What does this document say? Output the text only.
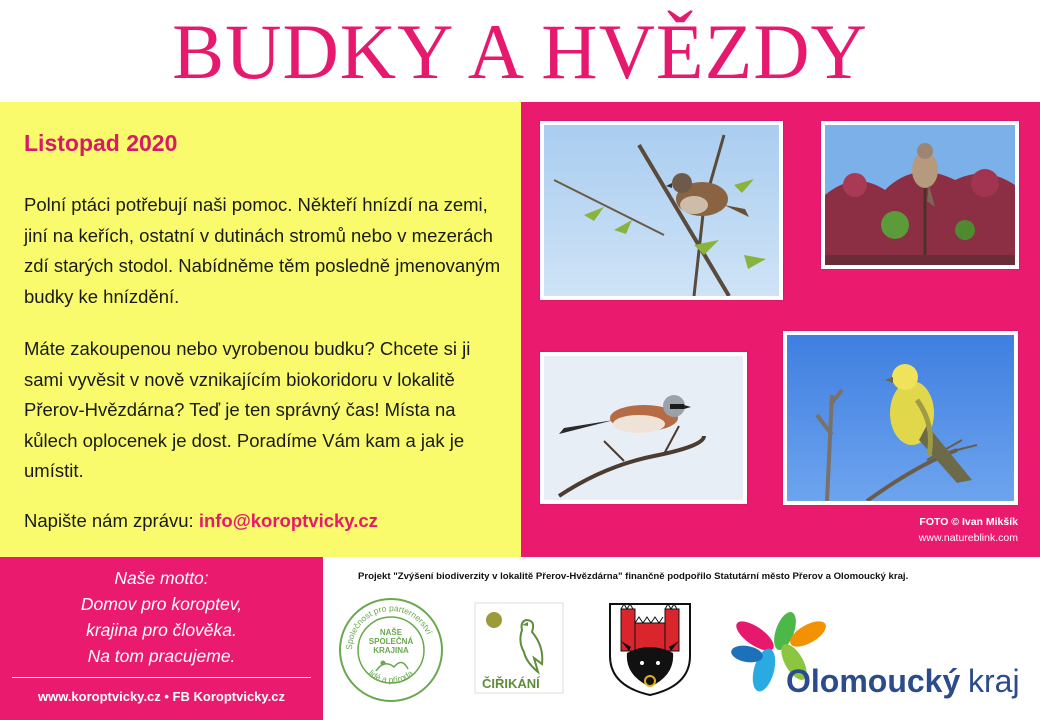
BUDKY A HVĚZDY
Listopad 2020

Polní ptáci potřebují naši pomoc. Někteří hnízdí na zemi, jiní na keřích, ostatní v dutinách stromů nebo v mezerách zdí starých stodol. Nabídněme těm posledně jmenovaným budky ke hnízdění.

Máte zakoupenou nebo vyrobenou budku? Chcete si ji sami vyvěsit v nově vznikajícím biokoridoru v lokalitě Přerov-Hvězdárna? Teď je ten správný čas! Místa na kůlech oplocenek je dost. Poradíme Vám kam a jak je umístit.

Napište nám zprávu: info@koroptvicky.cz	FOTO © Ivan Mikšík
www.natureblink.com
Naše motto:
Domov pro koroptev,
krajina pro člověka.
Na tom pracujeme.
www.koroptvicky.cz • FB Koroptvicky.cz
Projekt "Zvýšení biodiverzity v lokalitě Přerov-Hvězdárna" finančně podpořilo Statutární město Přerov a Olomoucký kraj.
Společnost pro parternerství
lidé a příroda
NAŠE
SPOLEČNÁ
KRAJINA
ČIŘIKÁNÍ	Olomoucký kraj
